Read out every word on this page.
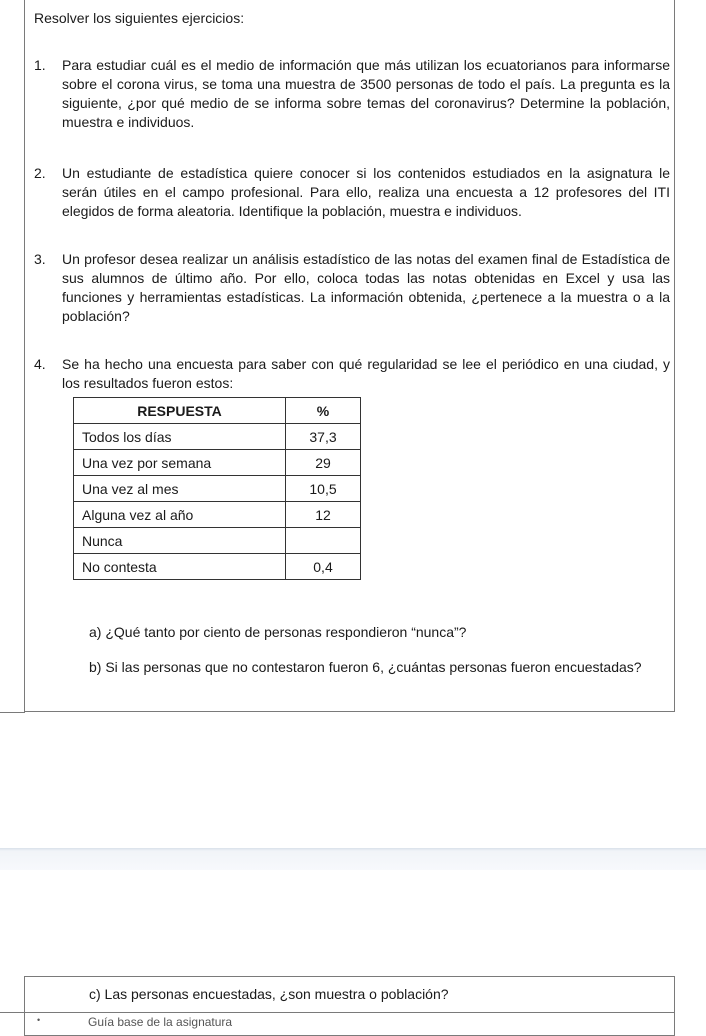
Resolver los siguientes ejercicios:
1. Para estudiar cuál es el medio de información que más utilizan los ecuatorianos para informarse sobre el corona virus, se toma una muestra de 3500 personas de todo el país. La pregunta es la siguiente, ¿por qué medio de se informa sobre temas del coronavirus? Determine la población, muestra e individuos.
2. Un estudiante de estadística quiere conocer si los contenidos estudiados en la asignatura le serán útiles en el campo profesional. Para ello, realiza una encuesta a 12 profesores del ITI elegidos de forma aleatoria. Identifique la población, muestra e individuos.
3. Un profesor desea realizar un análisis estadístico de las notas del examen final de Estadística de sus alumnos de último año. Por ello, coloca todas las notas obtenidas en Excel y usa las funciones y herramientas estadísticas. La información obtenida, ¿pertenece a la muestra o a la población?
4. Se ha hecho una encuesta para saber con qué regularidad se lee el periódico en una ciudad, y los resultados fueron estos:
RESPUESTA	%
Todos los días	37,3
Una vez por semana	29
Una vez al mes	10,5
Alguna vez al año	12
Nunca	
No contesta	0,4
a) ¿Qué tanto por ciento de personas respondieron “nunca”?
b) Si las personas que no contestaron fueron 6, ¿cuántas personas fueron encuestadas?
c) Las personas encuestadas, ¿son muestra o población?
•	Guía base de la asignatura
